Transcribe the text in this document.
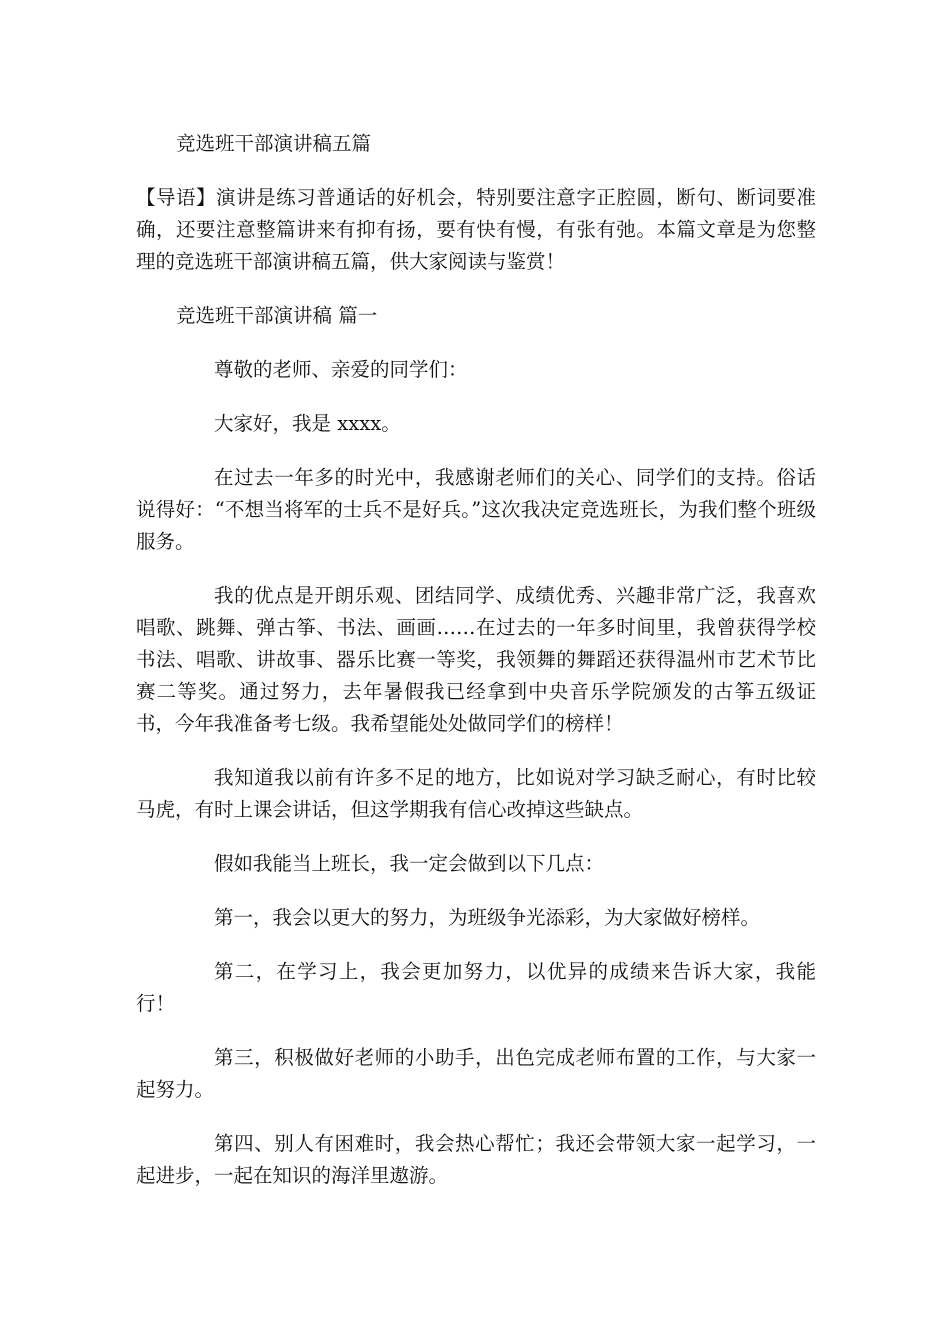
竞选班干部演讲稿五篇

【导语】演讲是练习普通话的好机会，特别要注意字正腔圆，断句、断词要准确，还要注意整篇讲来有抑有扬，要有快有慢，有张有弛。本篇文章是为您整理的竞选班干部演讲稿五篇，供大家阅读与鉴赏！

竞选班干部演讲稿 篇一

尊敬的老师、亲爱的同学们：

大家好，我是 xxxx。

在过去一年多的时光中，我感谢老师们的关心、同学们的支持。俗话说得好：“不想当将军的士兵不是好兵。”这次我决定竞选班长，为我们整个班级服务。

我的优点是开朗乐观、团结同学、成绩优秀、兴趣非常广泛，我喜欢唱歌、跳舞、弹古筝、书法、画画……在过去的一年多时间里，我曾获得学校书法、唱歌、讲故事、器乐比赛一等奖，我领舞的舞蹈还获得温州市艺术节比赛二等奖。通过努力，去年暑假我已经拿到中央音乐学院颁发的古筝五级证书，今年我准备考七级。我希望能处处做同学们的榜样！

我知道我以前有许多不足的地方，比如说对学习缺乏耐心，有时比较马虎，有时上课会讲话，但这学期我有信心改掉这些缺点。

假如我能当上班长，我一定会做到以下几点：

第一，我会以更大的努力，为班级争光添彩，为大家做好榜样。

第二，在学习上，我会更加努力，以优异的成绩来告诉大家，我能行！

第三，积极做好老师的小助手，出色完成老师布置的工作，与大家一起努力。

第四、别人有困难时，我会热心帮忙；我还会带领大家一起学习，一起进步，一起在知识的海洋里遨游。
